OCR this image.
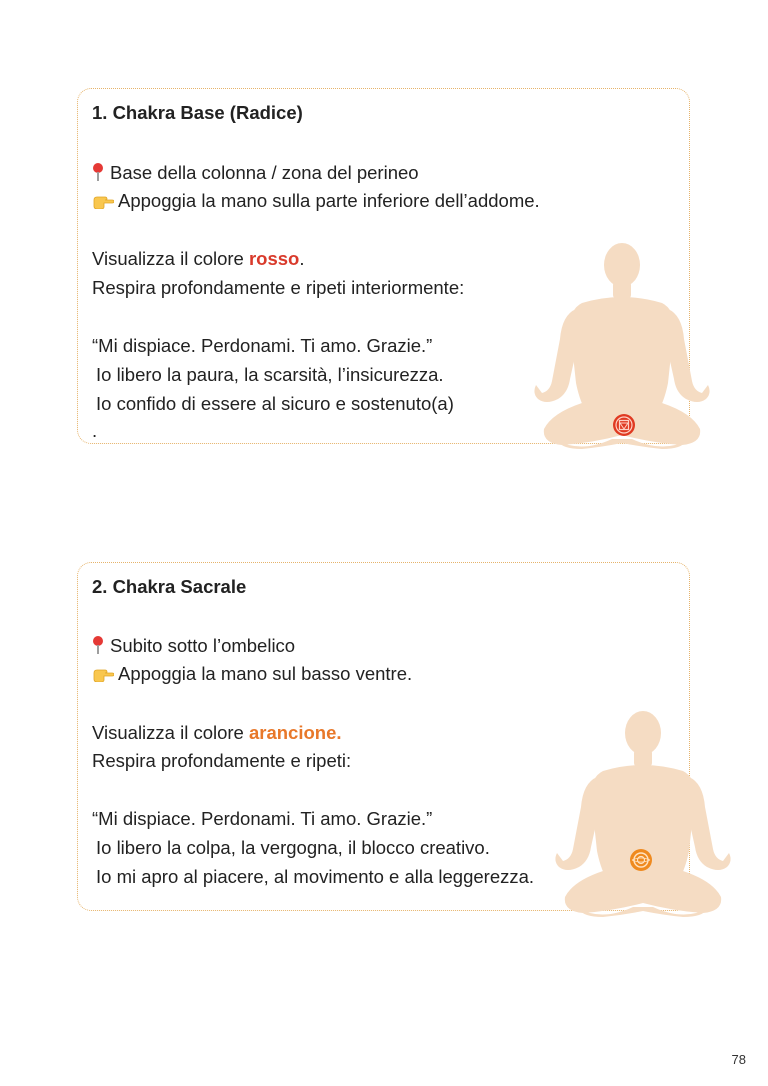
1. Chakra Base (Radice)
Base della colonna / zona del perineo
Appoggia la mano sulla parte inferiore dell’addome.
Visualizza il colore rosso.
Respira profondamente e ripeti interiormente:
“Mi dispiace. Perdonami. Ti amo. Grazie.”
Io libero la paura, la scarsità, l’insicurezza.
Io confido di essere al sicuro e sostenuto(a)
.
2. Chakra Sacrale
Subito sotto l’ombelico
Appoggia la mano sul basso ventre.
Visualizza il colore arancione.
Respira profondamente e ripeti:
“Mi dispiace. Perdonami. Ti amo. Grazie.”
Io libero la colpa, la vergogna, il blocco creativo.
Io mi apro al piacere, al movimento e alla leggerezza.
78
